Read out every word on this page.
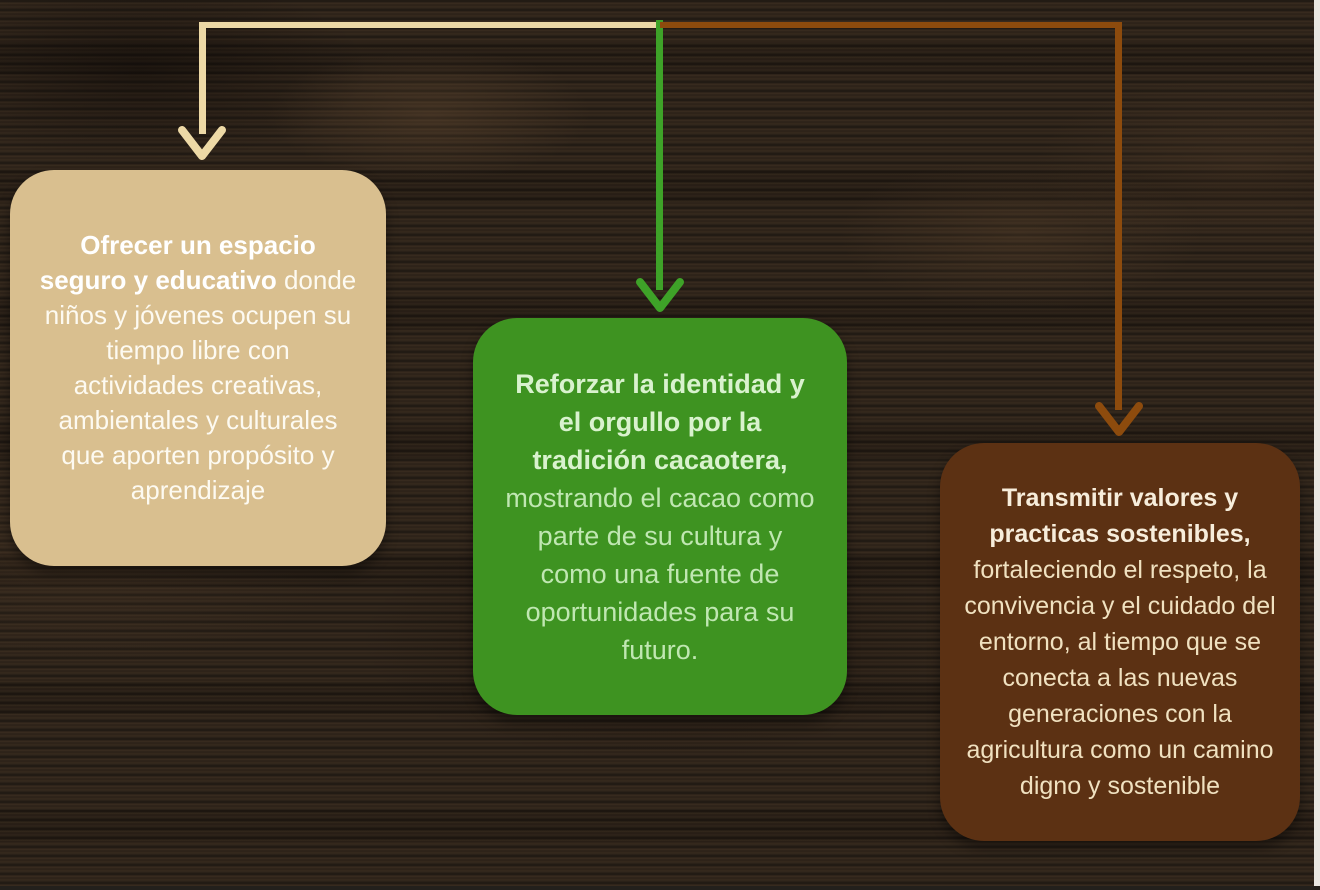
Ofrecer un espacio seguro y educativo donde niños y jóvenes ocupen su tiempo libre con actividades creativas, ambientales y culturales que aporten propósito y aprendizaje

Reforzar la identidad y el orgullo por la tradición cacaotera, mostrando el cacao como parte de su cultura y como una fuente de oportunidades para su futuro.

Transmitir valores y practicas sostenibles, fortaleciendo el respeto, la convivencia y el cuidado del entorno, al tiempo que se conecta a las nuevas generaciones con la agricultura como un camino digno y sostenible
